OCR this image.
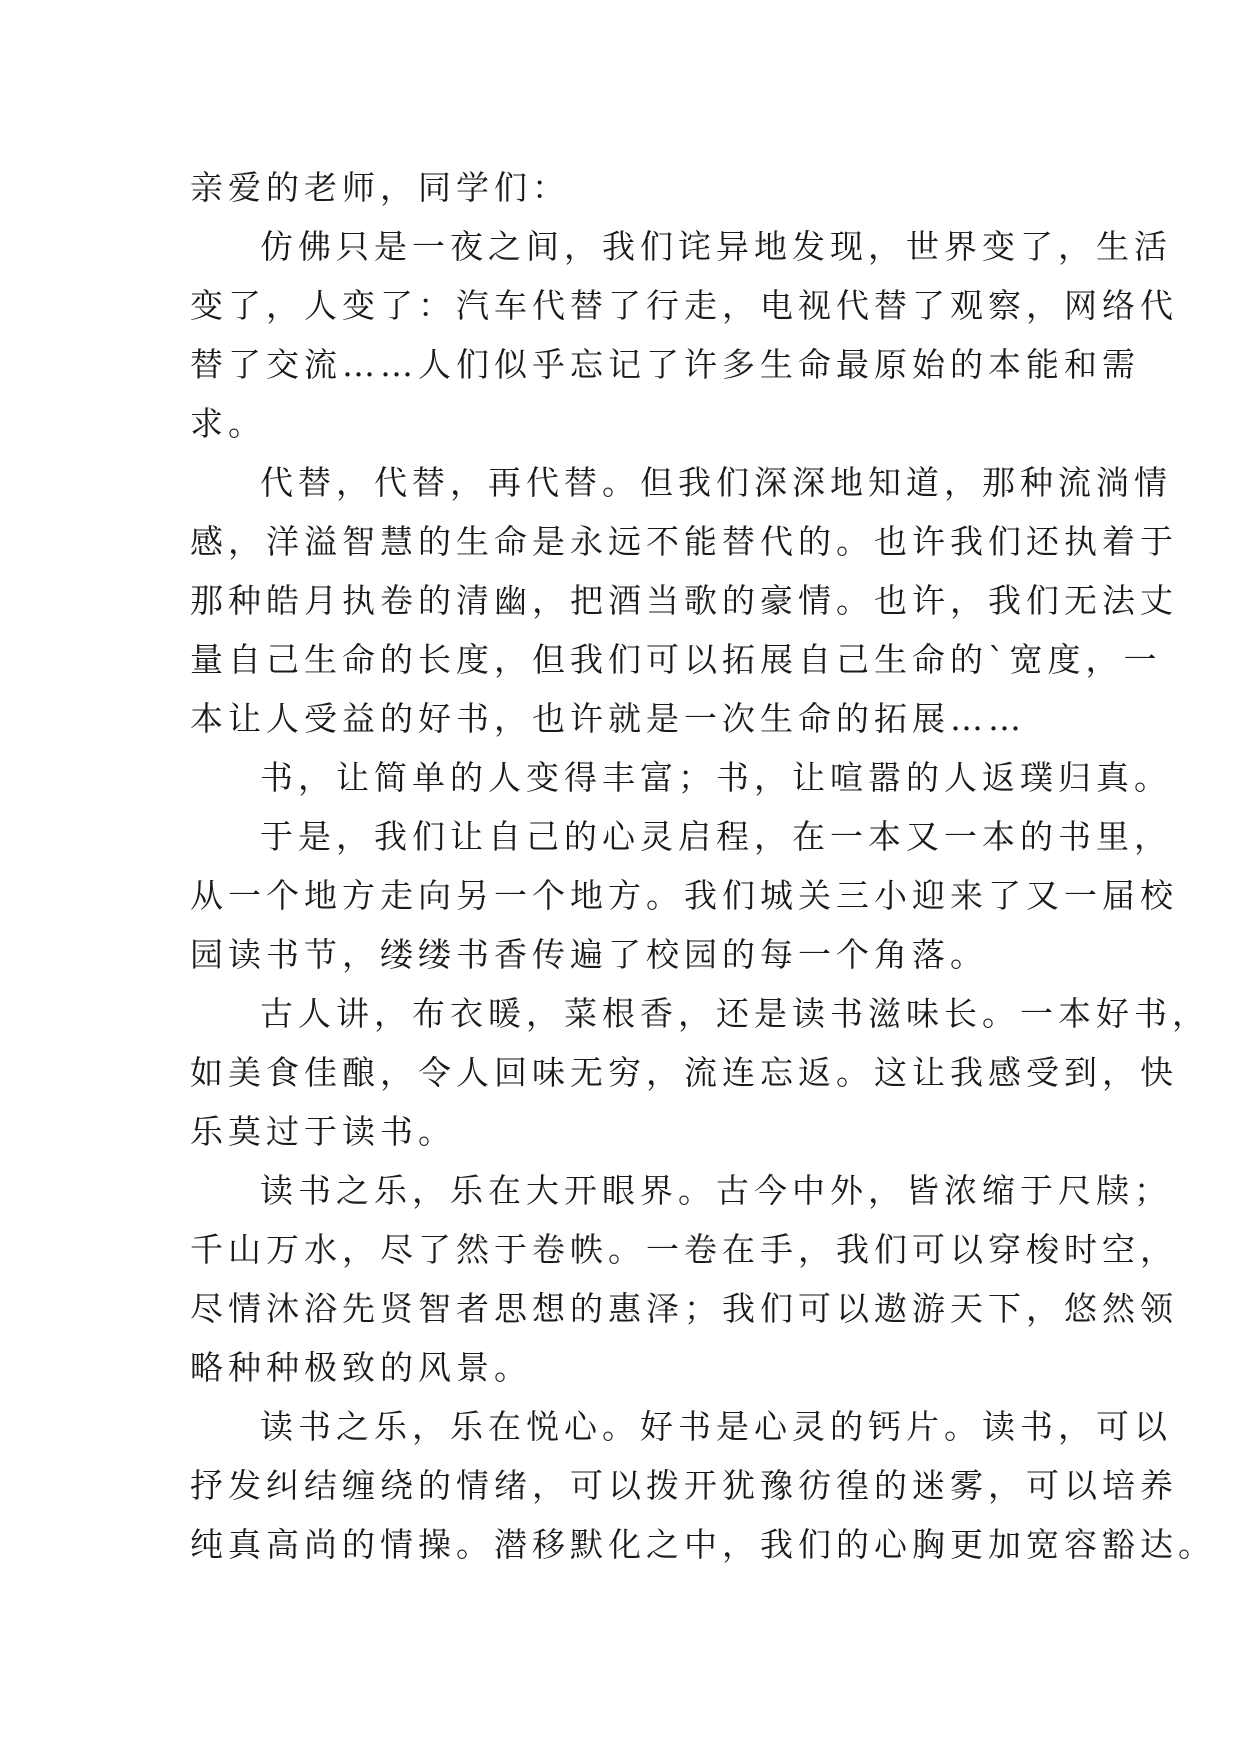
亲爱的老师，同学们：
仿佛只是一夜之间，我们诧异地发现，世界变了，生活
变了，人变了：汽车代替了行走，电视代替了观察，网络代
替了交流……人们似乎忘记了许多生命最原始的本能和需
求。
代替，代替，再代替。但我们深深地知道，那种流淌情
感，洋溢智慧的生命是永远不能替代的。也许我们还执着于
那种皓月执卷的清幽，把酒当歌的豪情。也许，我们无法丈
量自己生命的长度，但我们可以拓展自己生命的`宽度，一
本让人受益的好书，也许就是一次生命的拓展……
书，让简单的人变得丰富；书，让喧嚣的人返璞归真。
于是，我们让自己的心灵启程，在一本又一本的书里，
从一个地方走向另一个地方。我们城关三小迎来了又一届校
园读书节，缕缕书香传遍了校园的每一个角落。
古人讲，布衣暖，菜根香，还是读书滋味长。一本好书，
如美食佳酿，令人回味无穷，流连忘返。这让我感受到，快
乐莫过于读书。
读书之乐，乐在大开眼界。古今中外，皆浓缩于尺牍；
千山万水，尽了然于卷帙。一卷在手，我们可以穿梭时空，
尽情沐浴先贤智者思想的惠泽；我们可以遨游天下，悠然领
略种种极致的风景。
读书之乐，乐在悦心。好书是心灵的钙片。读书，可以
抒发纠结缠绕的情绪，可以拨开犹豫彷徨的迷雾，可以培养
纯真高尚的情操。潜移默化之中，我们的心胸更加宽容豁达。
